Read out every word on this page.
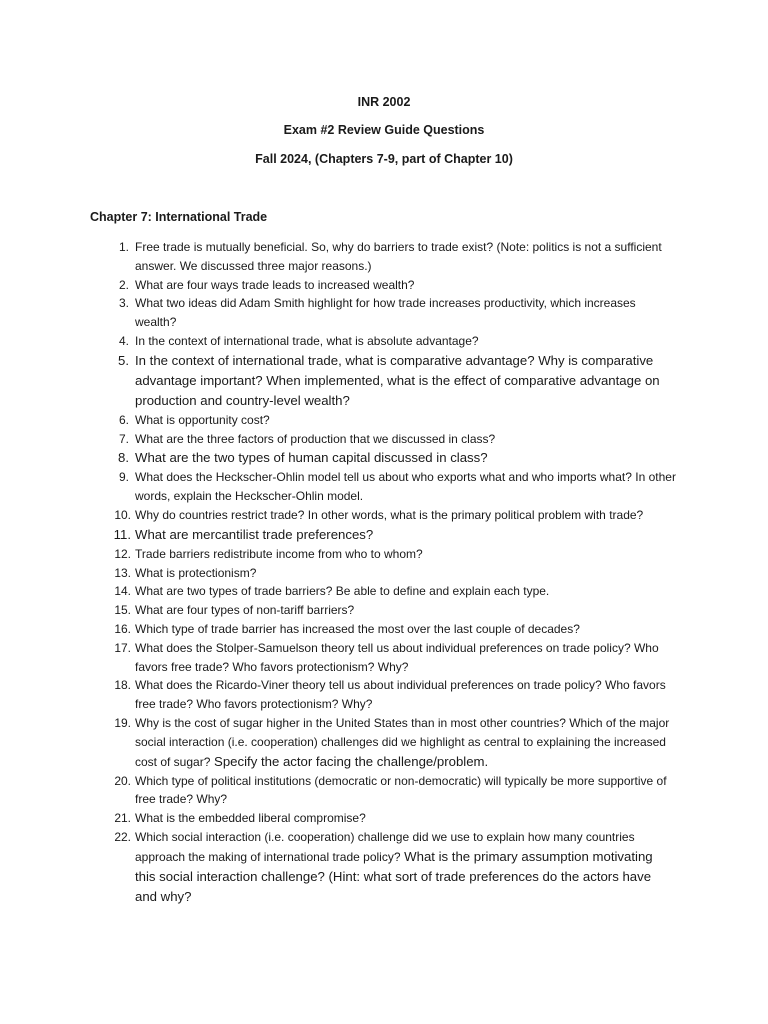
INR 2002
Exam #2 Review Guide Questions
Fall 2024, (Chapters 7-9, part of Chapter 10)
Chapter 7: International Trade
1. Free trade is mutually beneficial. So, why do barriers to trade exist? (Note: politics is not a sufficient answer. We discussed three major reasons.)
2. What are four ways trade leads to increased wealth?
3. What two ideas did Adam Smith highlight for how trade increases productivity, which increases wealth?
4. In the context of international trade, what is absolute advantage?
5. In the context of international trade, what is comparative advantage? Why is comparative advantage important? When implemented, what is the effect of comparative advantage on production and country-level wealth?
6. What is opportunity cost?
7. What are the three factors of production that we discussed in class?
8. What are the two types of human capital discussed in class?
9. What does the Heckscher-Ohlin model tell us about who exports what and who imports what? In other words, explain the Heckscher-Ohlin model.
10. Why do countries restrict trade? In other words, what is the primary political problem with trade?
11. What are mercantilist trade preferences?
12. Trade barriers redistribute income from who to whom?
13. What is protectionism?
14. What are two types of trade barriers? Be able to define and explain each type.
15. What are four types of non-tariff barriers?
16. Which type of trade barrier has increased the most over the last couple of decades?
17. What does the Stolper-Samuelson theory tell us about individual preferences on trade policy? Who favors free trade? Who favors protectionism? Why?
18. What does the Ricardo-Viner theory tell us about individual preferences on trade policy? Who favors free trade? Who favors protectionism? Why?
19. Why is the cost of sugar higher in the United States than in most other countries? Which of the major social interaction (i.e. cooperation) challenges did we highlight as central to explaining the increased cost of sugar? Specify the actor facing the challenge/problem.
20. Which type of political institutions (democratic or non-democratic) will typically be more supportive of free trade? Why?
21. What is the embedded liberal compromise?
22. Which social interaction (i.e. cooperation) challenge did we use to explain how many countries approach the making of international trade policy? What is the primary assumption motivating this social interaction challenge? (Hint: what sort of trade preferences do the actors have and why?
